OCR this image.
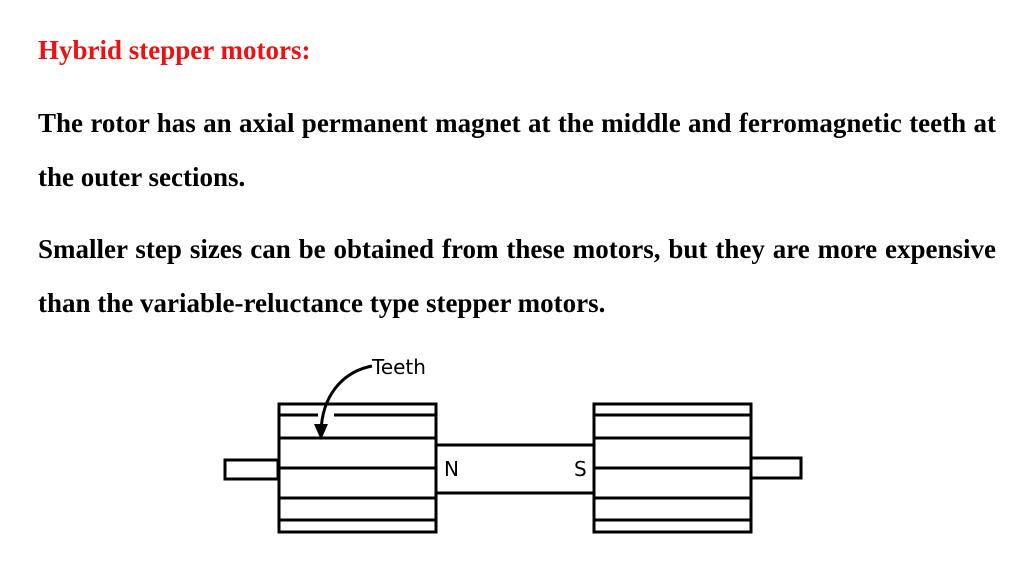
Hybrid stepper motors:
The rotor has an axial permanent magnet at the middle and ferromagnetic teeth at the outer sections.
Smaller step sizes can be obtained from these motors, but they are more expensive than the variable-reluctance type stepper motors.
Teeth
N	S
